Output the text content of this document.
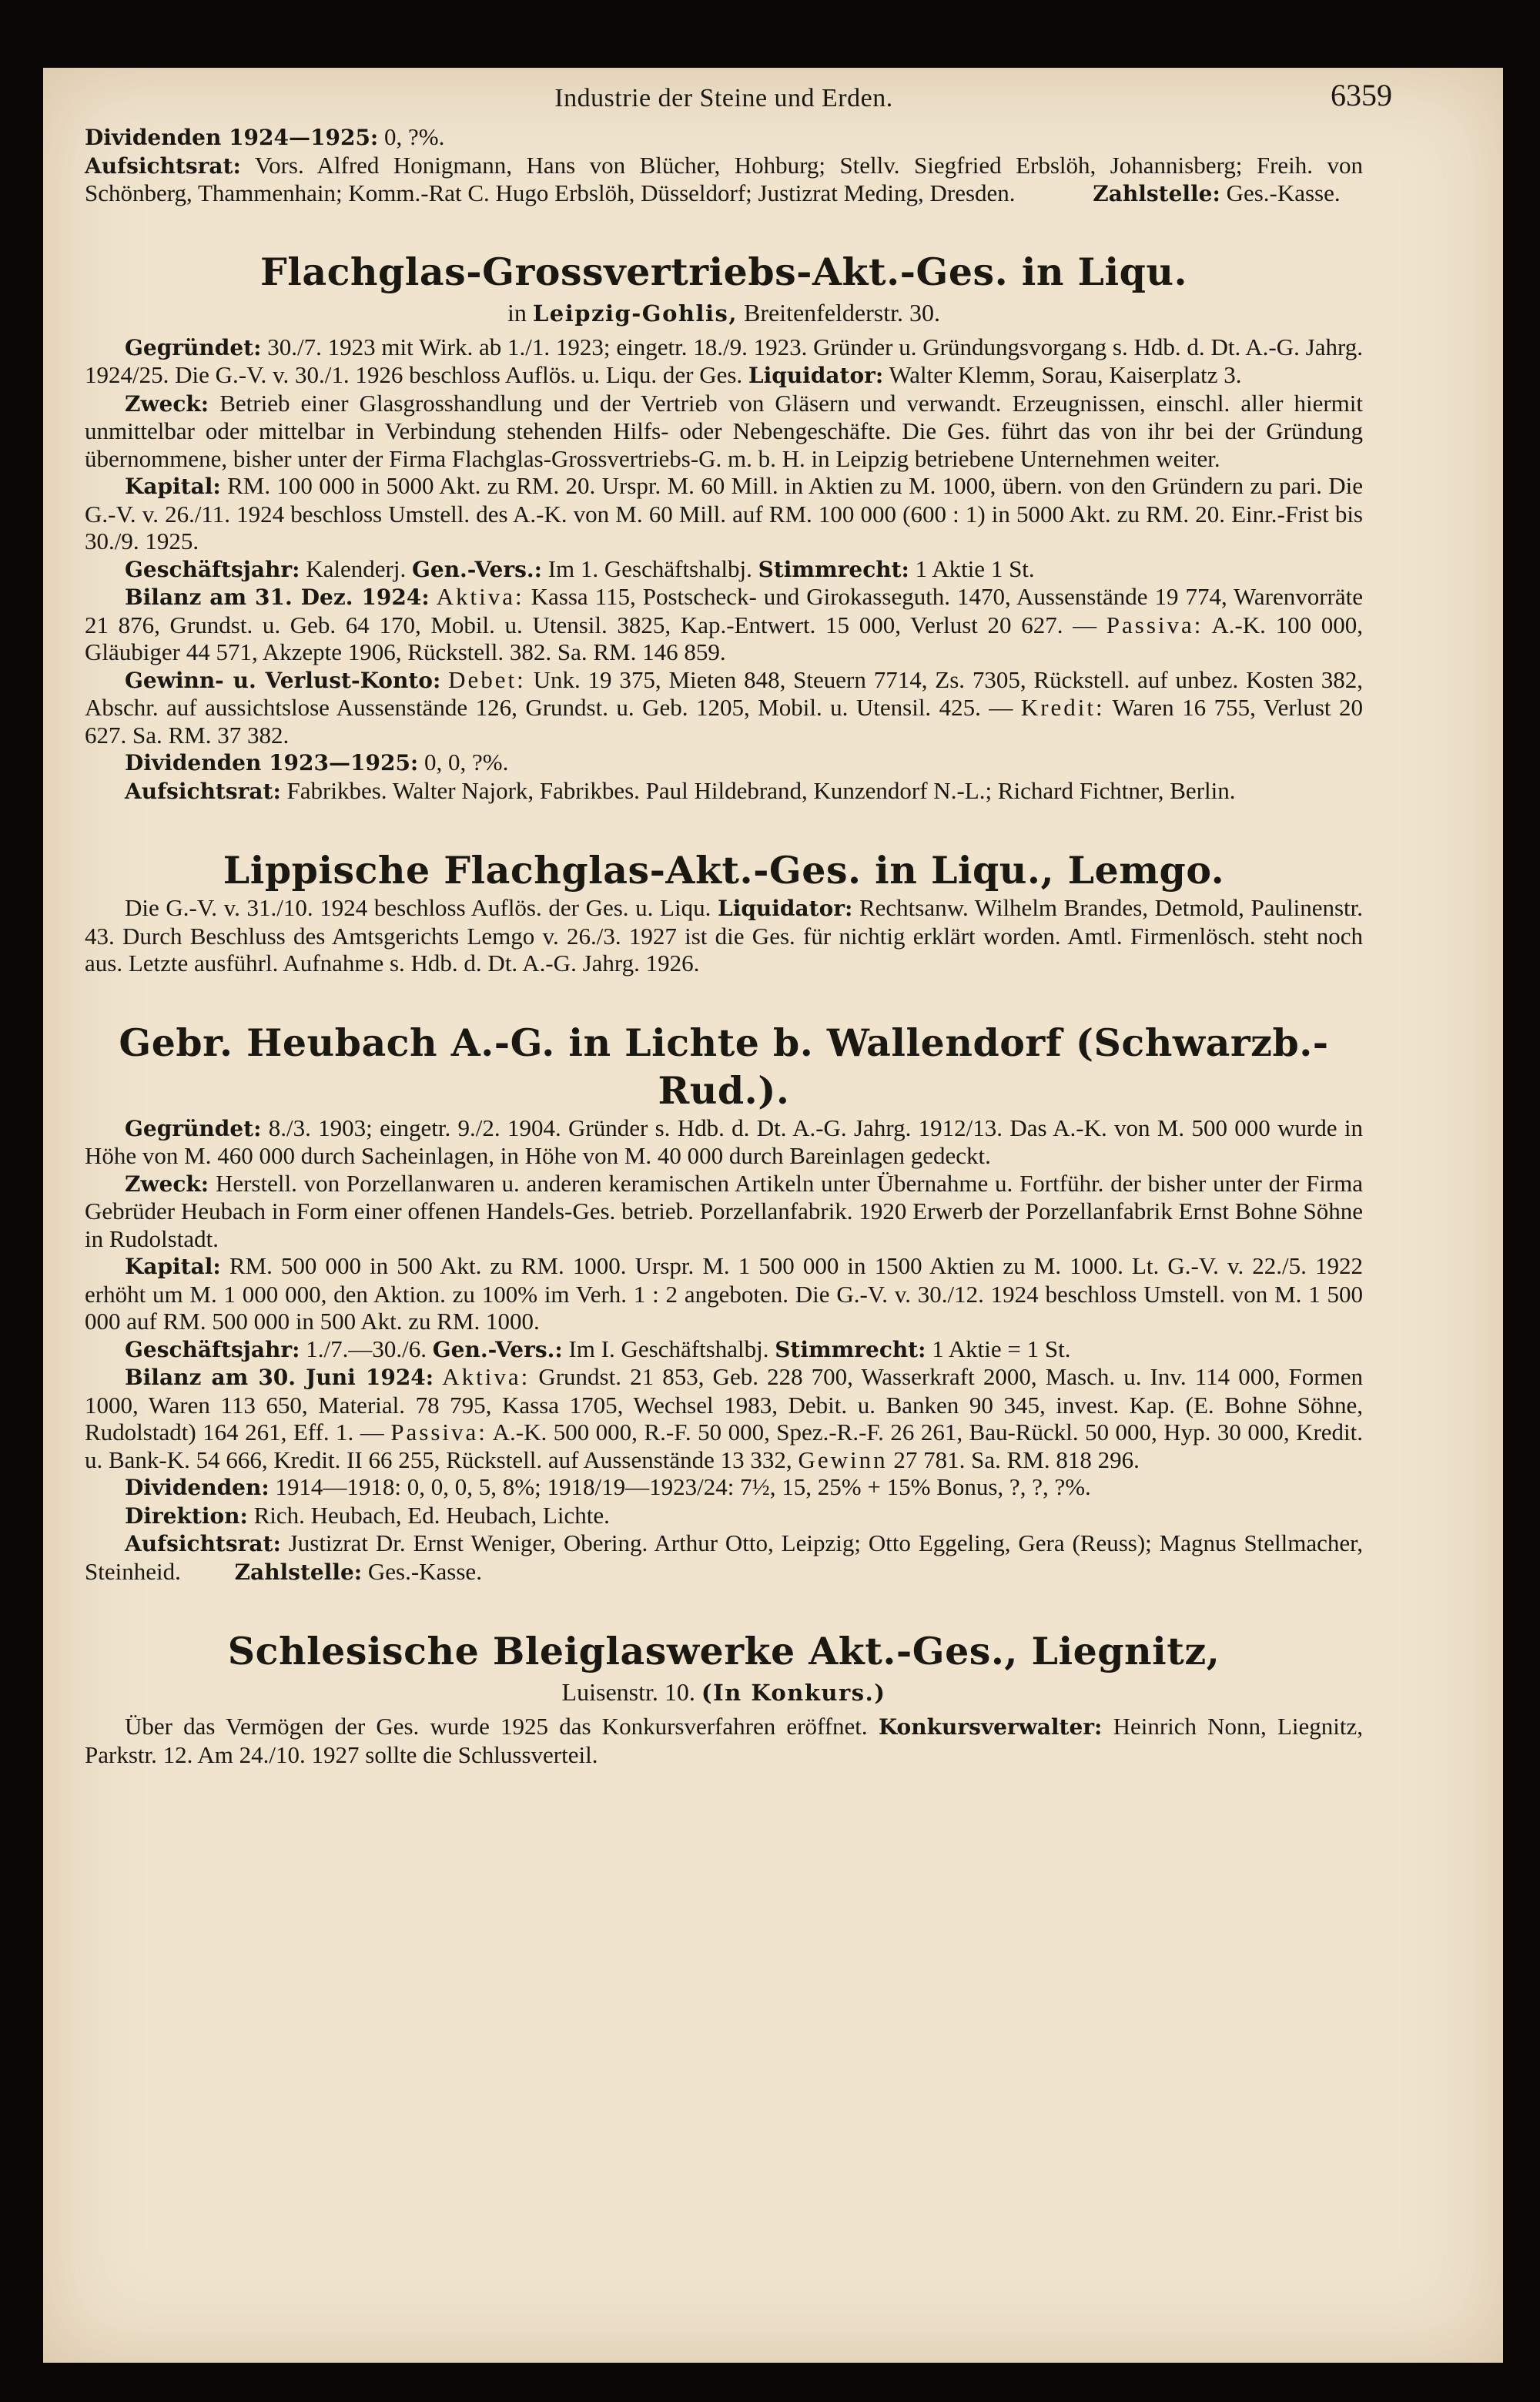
Industrie der Steine und Erden.	6359

Dividenden 1924—1925: 0, ?%.

Aufsichtsrat: Vors. Alfred Honigmann, Hans von Blücher, Hohburg; Stellv. Siegfried Erbslöh, Johannisberg; Freih. von Schönberg, Thammenhain; Komm.-Rat C. Hugo Erbslöh, Düsseldorf; Justizrat Meding, Dresden.    	Zahlstelle: Ges.-Kasse.

Flachglas-Grossvertriebs-Akt.-Ges. in Liqu.
in Leipzig-Gohlis, Breitenfelderstr. 30.

Gegründet: 30./7. 1923 mit Wirk. ab 1./1. 1923; eingetr. 18./9. 1923. Gründer u. Gründungsvorgang s. Hdb. d. Dt. A.-G. Jahrg. 1924/25. Die G.-V. v. 30./1. 1926 beschloss Auflös. u. Liqu. der Ges. Liquidator: Walter Klemm, Sorau, Kaiserplatz 3.

Zweck: Betrieb einer Glasgrosshandlung und der Vertrieb von Gläsern und verwandt. Erzeugnissen, einschl. aller hiermit unmittelbar oder mittelbar in Verbindung stehenden Hilfs- oder Nebengeschäfte. Die Ges. führt das von ihr bei der Gründung übernommene, bisher unter der Firma Flachglas-Grossvertriebs-G. m. b. H. in Leipzig betriebene Unternehmen weiter.

Kapital: RM. 100 000 in 5000 Akt. zu RM. 20. Urspr. M. 60 Mill. in Aktien zu M. 1000, übern. von den Gründern zu pari. Die G.-V. v. 26./11. 1924 beschloss Umstell. des A.-K. von M. 60 Mill. auf RM. 100 000 (600 : 1) in 5000 Akt. zu RM. 20. Einr.-Frist bis 30./9. 1925.

Geschäftsjahr: Kalenderj. Gen.-Vers.: Im 1. Geschäftshalbj. Stimmrecht: 1 Aktie 1 St.

Bilanz am 31. Dez. 1924: Aktiva: Kassa 115, Postscheck- und Girokasseguth. 1470, Aussenstände 19 774, Warenvorräte 21 876, Grundst. u. Geb. 64 170, Mobil. u. Utensil. 3825, Kap.-Entwert. 15 000, Verlust 20 627. — Passiva: A.-K. 100 000, Gläubiger 44 571, Akzepte 1906, Rückstell. 382. Sa. RM. 146 859.

Gewinn- u. Verlust-Konto: Debet: Unk. 19 375, Mieten 848, Steuern 7714, Zs. 7305, Rückstell. auf unbez. Kosten 382, Abschr. auf aussichtslose Aussenstände 126, Grundst. u. Geb. 1205, Mobil. u. Utensil. 425. — Kredit: Waren 16 755, Verlust 20 627. Sa. RM. 37 382.

Dividenden 1923—1925: 0, 0, ?%.

Aufsichtsrat: Fabrikbes. Walter Najork, Fabrikbes. Paul Hildebrand, Kunzendorf N.-L.; Richard Fichtner, Berlin.

Lippische Flachglas-Akt.-Ges. in Liqu., Lemgo.

Die G.-V. v. 31./10. 1924 beschloss Auflös. der Ges. u. Liqu. Liquidator: Rechtsanw. Wilhelm Brandes, Detmold, Paulinenstr. 43. Durch Beschluss des Amtsgerichts Lemgo v. 26./3. 1927 ist die Ges. für nichtig erklärt worden. Amtl. Firmenlösch. steht noch aus. Letzte ausführl. Aufnahme s. Hdb. d. Dt. A.-G. Jahrg. 1926.

Gebr. Heubach A.-G. in Lichte b. Wallendorf (Schwarzb.-Rud.).

Gegründet: 8./3. 1903; eingetr. 9./2. 1904. Gründer s. Hdb. d. Dt. A.-G. Jahrg. 1912/13. Das A.-K. von M. 500 000 wurde in Höhe von M. 460 000 durch Sacheinlagen, in Höhe von M. 40 000 durch Bareinlagen gedeckt.

Zweck: Herstell. von Porzellanwaren u. anderen keramischen Artikeln unter Übernahme u. Fortführ. der bisher unter der Firma Gebrüder Heubach in Form einer offenen Handels-Ges. betrieb. Porzellanfabrik. 1920 Erwerb der Porzellanfabrik Ernst Bohne Söhne in Rudolstadt.

Kapital: RM. 500 000 in 500 Akt. zu RM. 1000. Urspr. M. 1 500 000 in 1500 Aktien zu M. 1000. Lt. G.-V. v. 22./5. 1922 erhöht um M. 1 000 000, den Aktion. zu 100% im Verh. 1 : 2 angeboten. Die G.-V. v. 30./12. 1924 beschloss Umstell. von M. 1 500 000 auf RM. 500 000 in 500 Akt. zu RM. 1000.

Geschäftsjahr: 1./7.—30./6. Gen.-Vers.: Im I. Geschäftshalbj. Stimmrecht: 1 Aktie = 1 St.

Bilanz am 30. Juni 1924: Aktiva: Grundst. 21 853, Geb. 228 700, Wasserkraft 2000, Masch. u. Inv. 114 000, Formen 1000, Waren 113 650, Material. 78 795, Kassa 1705, Wechsel 1983, Debit. u. Banken 90 345, invest. Kap. (E. Bohne Söhne, Rudolstadt) 164 261, Eff. 1. — Passiva: A.-K. 500 000, R.-F. 50 000, Spez.-R.-F. 26 261, Bau-Rückl. 50 000, Hyp. 30 000, Kredit. u. Bank-K. 54 666, Kredit. II 66 255, Rückstell. auf Aussenstände 13 332, Gewinn 27 781. Sa. RM. 818 296.

Dividenden: 1914—1918: 0, 0, 0, 5, 8%; 1918/19—1923/24: 7½, 15, 25% + 15% Bonus, ?, ?, ?%.

Direktion: Rich. Heubach, Ed. Heubach, Lichte.

Aufsichtsrat: Justizrat Dr. Ernst Weniger, Obering. Arthur Otto, Leipzig; Otto Eggeling, Gera (Reuss); Magnus Stellmacher, Steinheid.    Zahlstelle: Ges.-Kasse.

Schlesische Bleiglaswerke Akt.-Ges., Liegnitz,
Luisenstr. 10. (In Konkurs.)

Über das Vermögen der Ges. wurde 1925 das Konkursverfahren eröffnet. Konkursverwalter: Heinrich Nonn, Liegnitz, Parkstr. 12. Am 24./10. 1927 sollte die Schlussverteil.
